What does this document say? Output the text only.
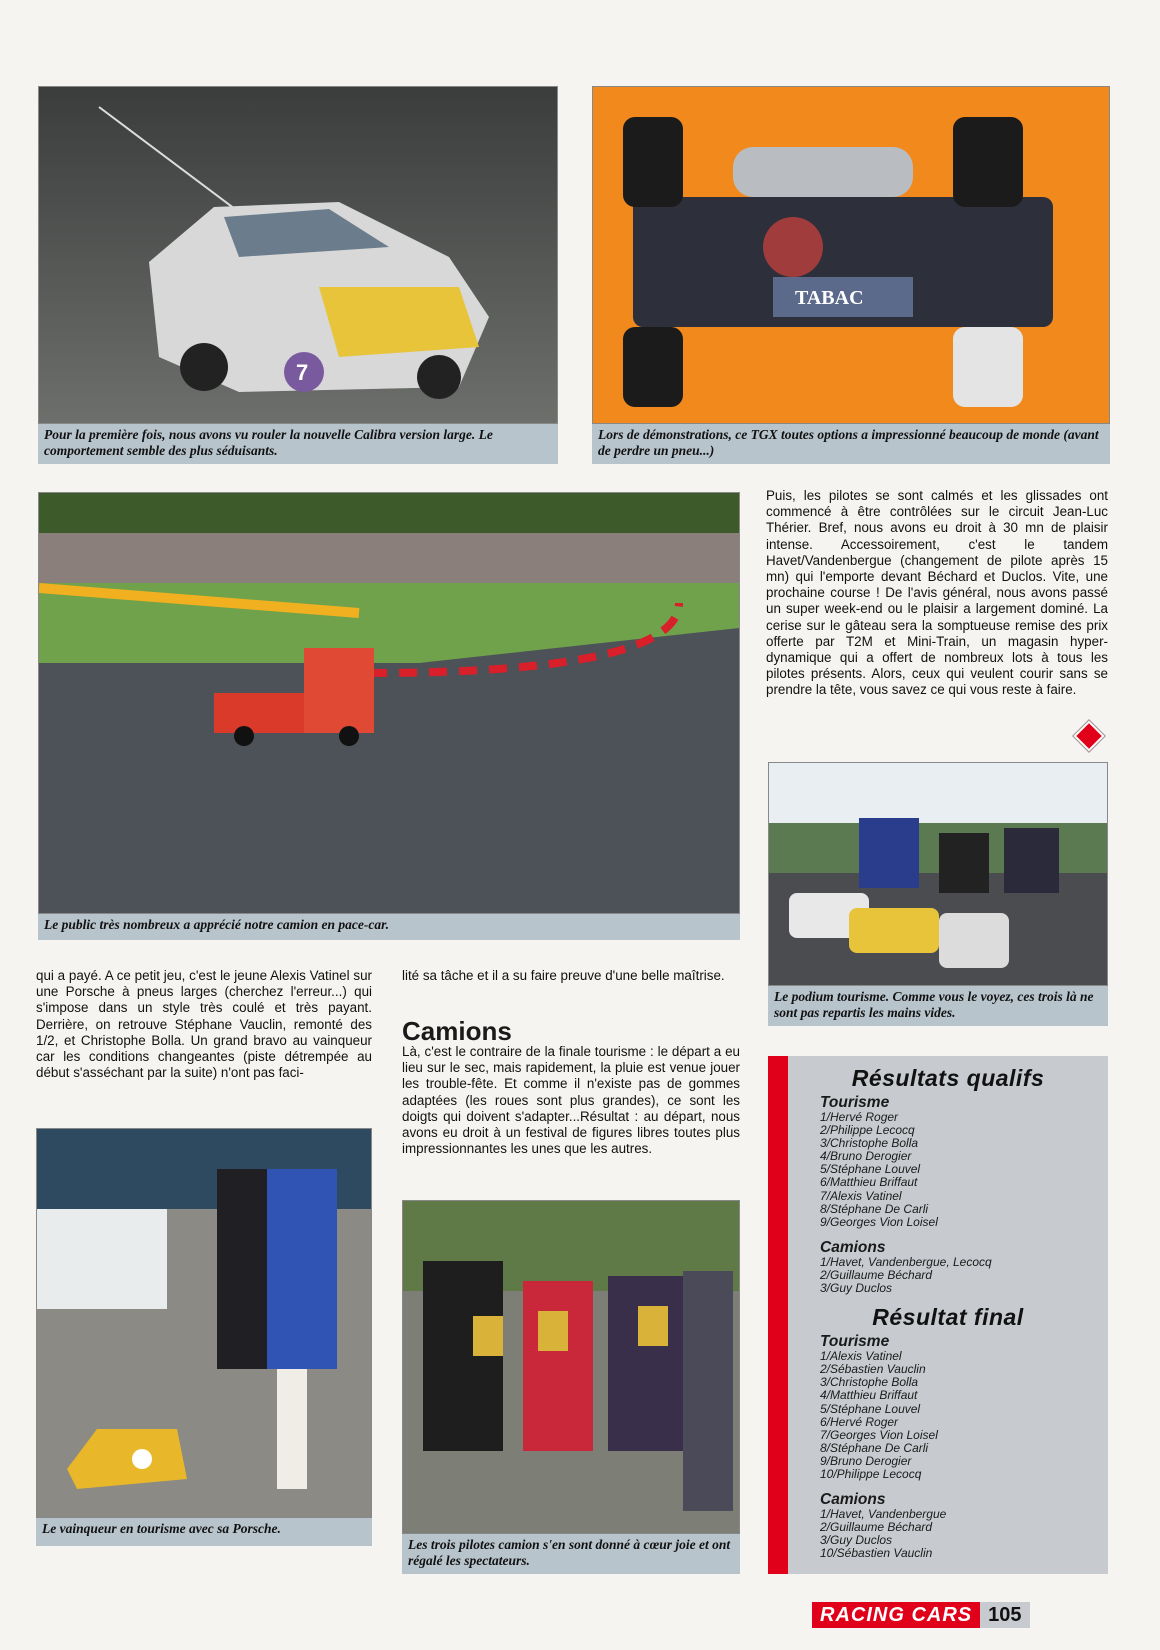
7
Pour la première fois, nous avons vu rouler la nouvelle Calibra version large. Le comportement semble des plus séduisants.
TABAC
Lors de démonstrations, ce TGX toutes options a impressionné beaucoup de monde (avant de perdre un pneu...)
Le public très nombreux a apprécié notre camion en pace-car.
Puis, les pilotes se sont calmés et les glissades ont commencé à être contrôlées sur le circuit Jean-Luc Thérier. Bref, nous avons eu droit à 30 mn de plaisir intense. Accessoirement, c'est le tandem Havet/Vandenbergue (changement de pilote après 15 mn) qui l'emporte devant Béchard et Duclos. Vite, une prochaine course ! De l'avis général, nous avons passé un super week-end ou le plaisir a largement dominé. La cerise sur le gâteau sera la somptueuse remise des prix offerte par T2M et Mini-Train, un magasin hyper-dynamique qui a offert de nombreux lots à tous les pilotes présents. Alors, ceux qui veulent courir sans se prendre la tête, vous savez ce qui vous reste à faire.
Le podium tourisme. Comme vous le voyez, ces trois là ne sont pas repartis les mains vides.
qui a payé. A ce petit jeu, c'est le jeune Alexis Vatinel sur une Porsche à pneus larges (cherchez l'erreur...) qui s'impose dans un style très coulé et très payant. Derrière, on retrouve Stéphane Vauclin, remonté des 1/2, et Christophe Bolla. Un grand bravo au vainqueur car les conditions changeantes (piste détrempée au début s'asséchant par la suite) n'ont pas faci-
lité sa tâche et il a su faire preuve d'une belle maîtrise.
Camions
Là, c'est le contraire de la finale tourisme : le départ a eu lieu sur le sec, mais rapidement, la pluie est venue jouer les trouble-fête. Et comme il n'existe pas de gommes adaptées (les roues sont plus grandes), ce sont les doigts qui doivent s'adapter...Résultat : au départ, nous avons eu droit à un festival de figures libres toutes plus impressionnantes les unes que les autres.
Le vainqueur en tourisme avec sa Porsche.
Les trois pilotes camion s'en sont donné à cœur joie et ont régalé les spectateurs.
Résultats qualifs
Tourisme
1/Hervé Roger
2/Philippe Lecocq
3/Christophe Bolla
4/Bruno Derogier
5/Stéphane Louvel
6/Matthieu Briffaut
7/Alexis Vatinel
8/Stéphane De Carli
9/Georges Vion Loisel
Camions
1/Havet, Vandenbergue, Lecocq
2/Guillaume Béchard
3/Guy Duclos
Résultat final
Tourisme
1/Alexis Vatinel
2/Sébastien Vauclin
3/Christophe Bolla
4/Matthieu Briffaut
5/Stéphane Louvel
6/Hervé Roger
7/Georges Vion Loisel
8/Stéphane De Carli
9/Bruno Derogier
10/Philippe Lecocq
Camions
1/Havet, Vandenbergue
2/Guillaume Béchard
3/Guy Duclos
10/Sébastien Vauclin
RACING CARS 105
